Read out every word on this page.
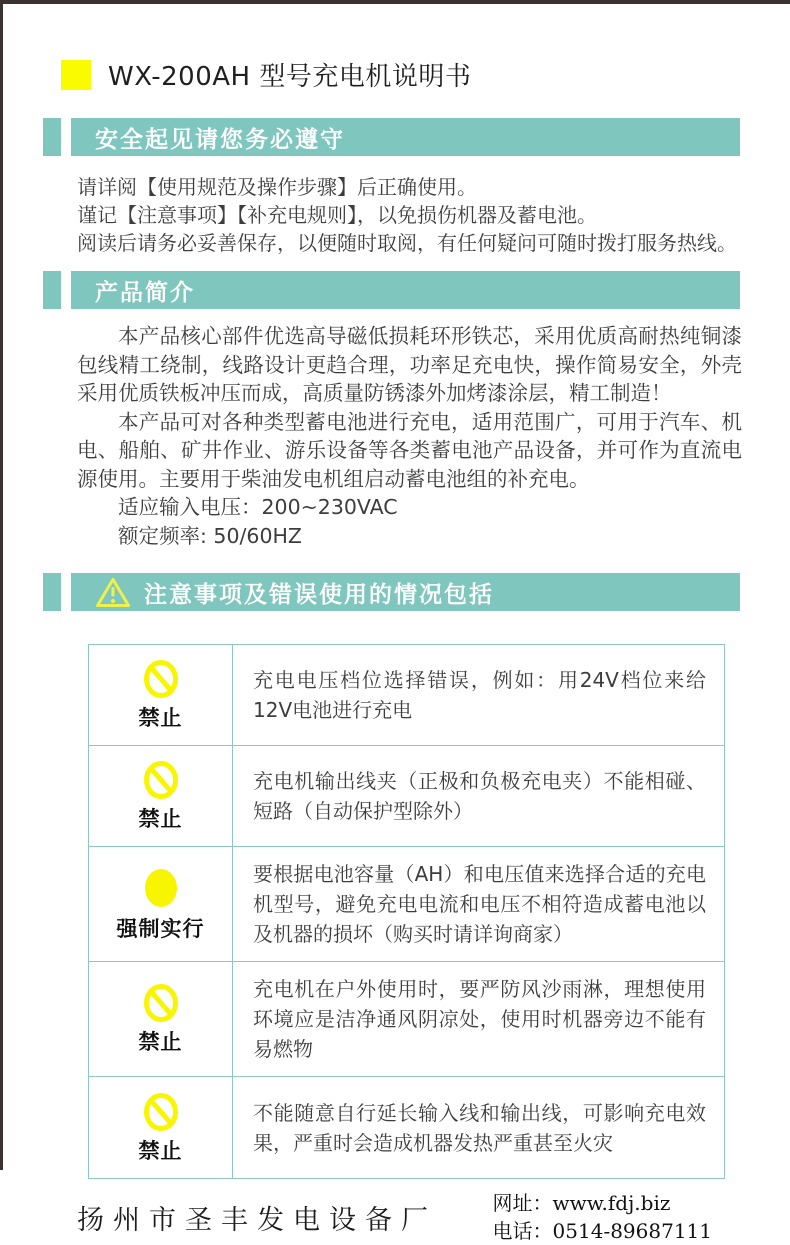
WX-200AH 型号充电机说明书
安全起见请您务必遵守

请详阅【使用规范及操作步骤】后正确使用。

谨记【注意事项】【补充电规则】，以免损伤机器及蓄电池。

阅读后请务必妥善保存，以便随时取阅，有任何疑问可随时拨打服务热线。

产品简介

本产品核心部件优选高导磁低损耗环形铁芯，采用优质高耐热纯铜漆包线精工绕制，线路设计更趋合理，功率足充电快，操作简易安全，外壳采用优质铁板冲压而成，高质量防锈漆外加烤漆涂层，精工制造！

本产品可对各种类型蓄电池进行充电，适用范围广，可用于汽车、机电、船舶、矿井作业、游乐设备等各类蓄电池产品设备，并可作为直流电源使用。主要用于柴油发电机组启动蓄电池组的补充电。

适应输入电压：200~230VAC

额定频率: 50/60HZ

注意事项及错误使用的情况包括
禁止

充电电压档位选择错误，例如：用24V档位来给12V电池进行充电

禁止

充电机输出线夹（正极和负极充电夹）不能相碰、短路（自动保护型除外）

强制实行

要根据电池容量（AH）和电压值来选择合适的充电机型号，避免充电电流和电压不相符造成蓄电池以及机器的损坏（购买时请详询商家）

禁止

充电机在户外使用时，要严防风沙雨淋，理想使用环境应是洁净通风阴凉处，使用时机器旁边不能有易燃物

禁止

不能随意自行延长输入线和输出线，可影响充电效果，严重时会造成机器发热严重甚至火灾

扬州市圣丰发电设备厂
网址：www.fdj.biz
电话：0514-89687111
